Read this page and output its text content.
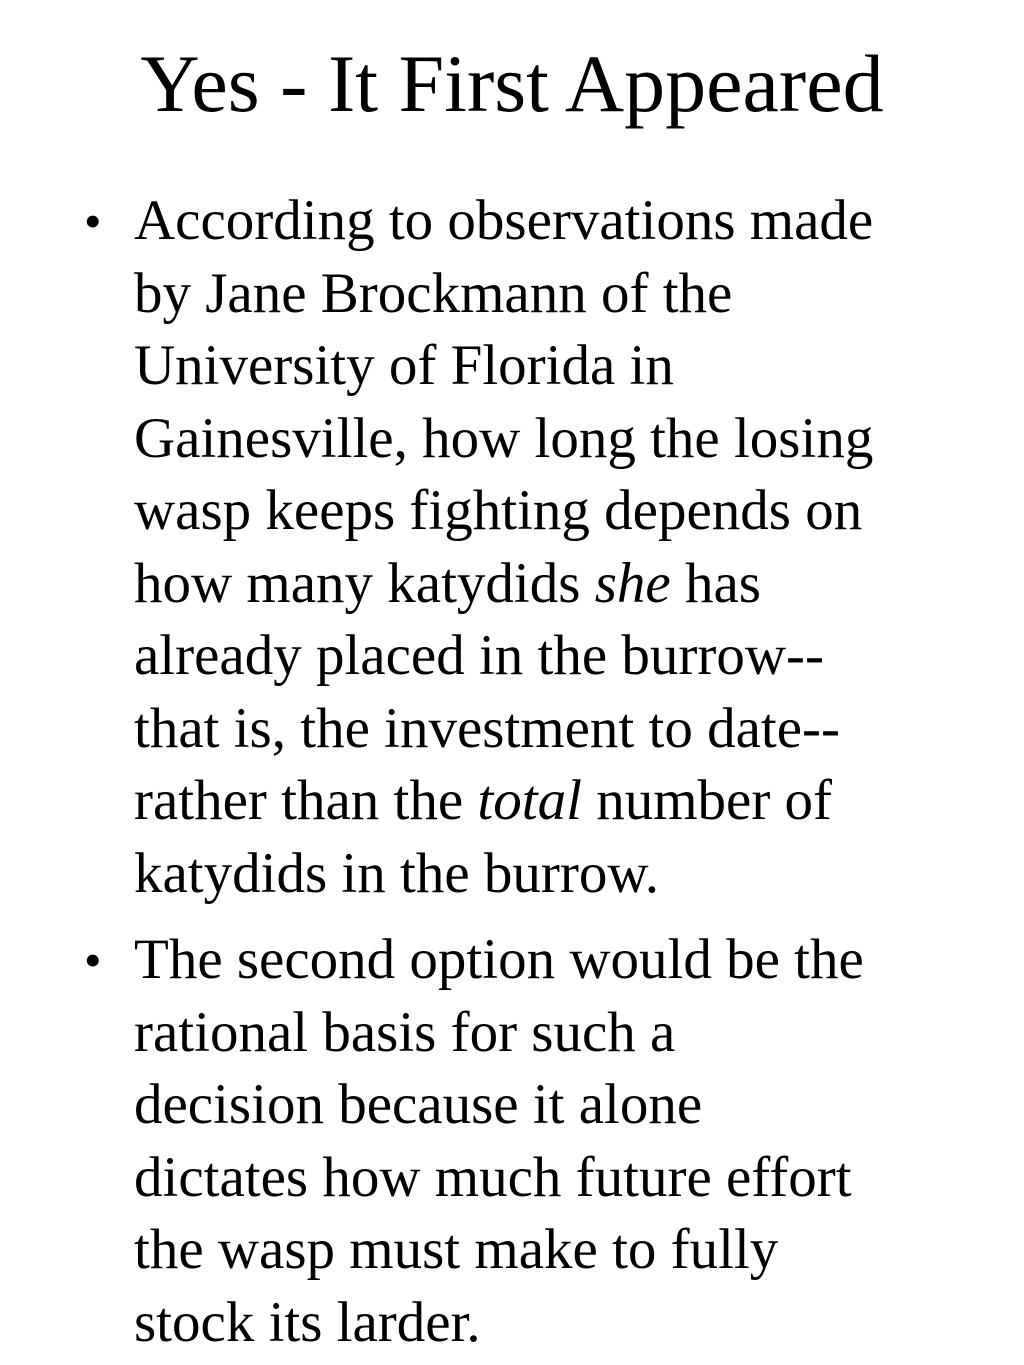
Yes - It First Appeared
• According to observations made
by Jane Brockmann of the
University of Florida in
Gainesville, how long the losing
wasp keeps fighting depends on
how many katydids she has
already placed in the burrow--
that is, the investment to date--
rather than the total number of
katydids in the burrow.
• The second option would be the
rational basis for such a
decision because it alone
dictates how much future effort
the wasp must make to fully
stock its larder.
